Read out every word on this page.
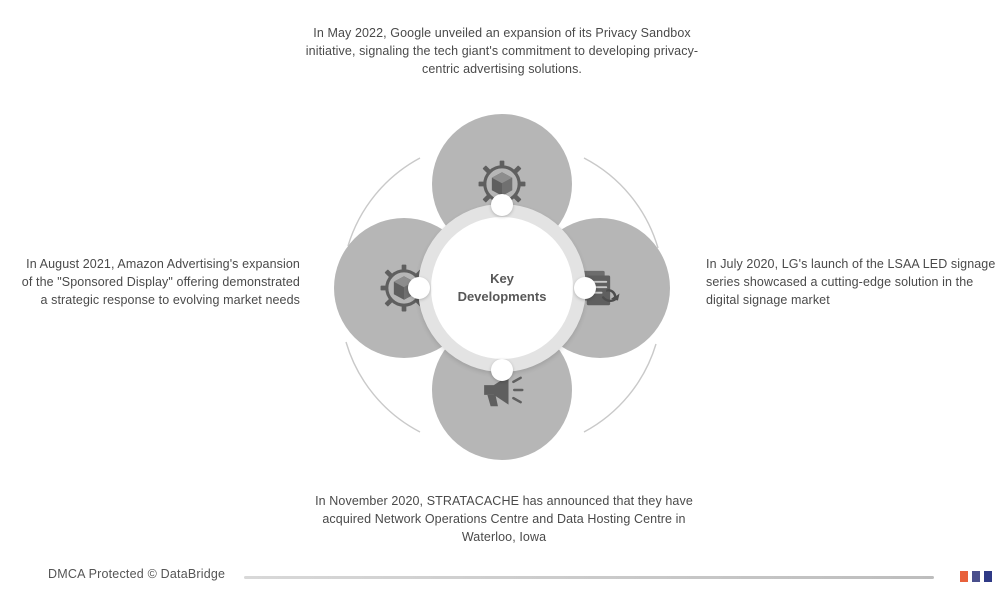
In May 2022, Google unveiled an expansion of its Privacy Sandbox initiative, signaling the tech giant's commitment to developing privacy-centric advertising solutions.
In August 2021, Amazon Advertising's expansion of the "Sponsored Display" offering demonstrated a strategic response to evolving market needs
In July 2020, LG's launch of the LSAA LED signage series showcased a cutting-edge solution in the digital signage market
In November 2020, STRATACACHE has announced that they have acquired Network Operations Centre and Data Hosting Centre in Waterloo, Iowa
Key
Developments
DMCA Protected © DataBridge
